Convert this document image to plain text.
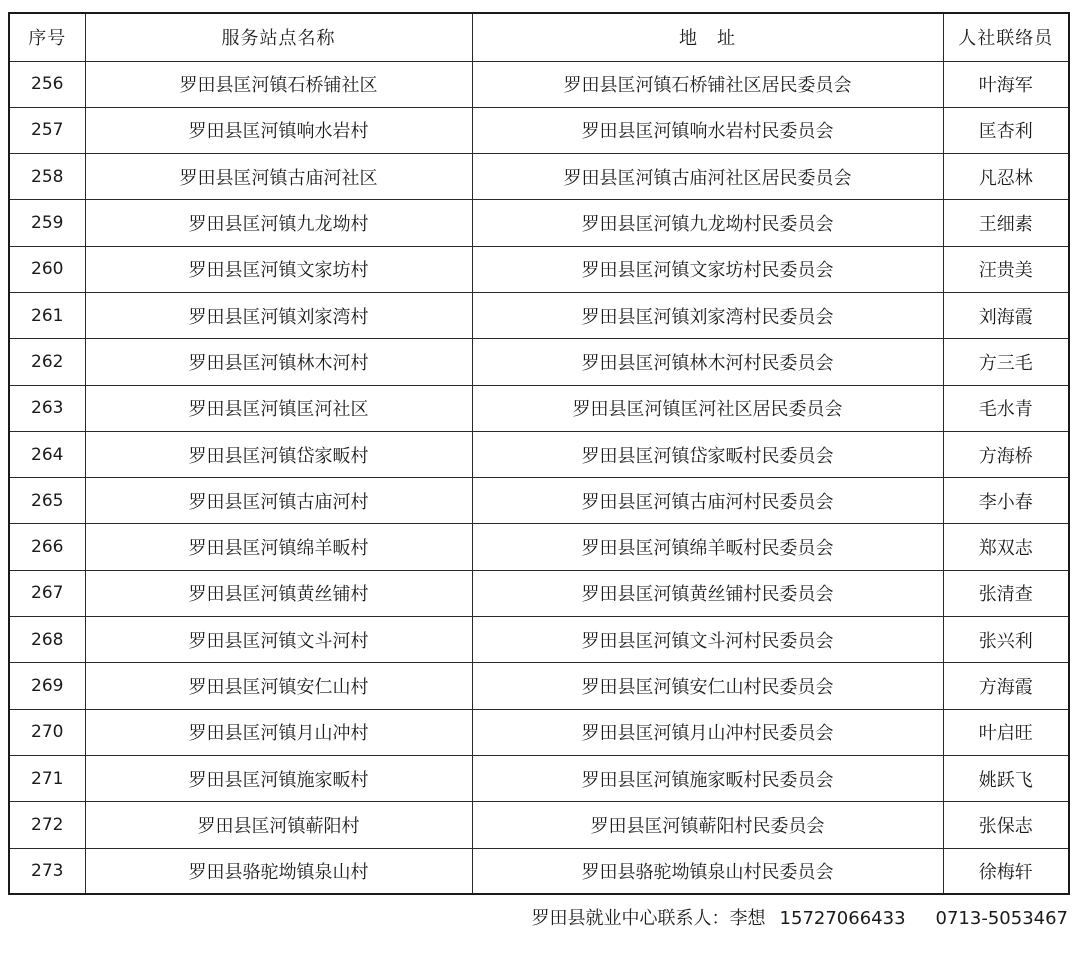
序号	服务站点名称	地　址	人社联络员
256	罗田县匡河镇石桥铺社区	罗田县匡河镇石桥铺社区居民委员会	叶海军
257	罗田县匡河镇响水岩村	罗田县匡河镇响水岩村民委员会	匡杏利
258	罗田县匡河镇古庙河社区	罗田县匡河镇古庙河社区居民委员会	凡忍林
259	罗田县匡河镇九龙坳村	罗田县匡河镇九龙坳村民委员会	王细素
260	罗田县匡河镇文家坊村	罗田县匡河镇文家坊村民委员会	汪贵美
261	罗田县匡河镇刘家湾村	罗田县匡河镇刘家湾村民委员会	刘海霞
262	罗田县匡河镇林木河村	罗田县匡河镇林木河村民委员会	方三毛
263	罗田县匡河镇匡河社区	罗田县匡河镇匡河社区居民委员会	毛水青
264	罗田县匡河镇岱家畈村	罗田县匡河镇岱家畈村民委员会	方海桥
265	罗田县匡河镇古庙河村	罗田县匡河镇古庙河村民委员会	李小春
266	罗田县匡河镇绵羊畈村	罗田县匡河镇绵羊畈村民委员会	郑双志
267	罗田县匡河镇黄丝铺村	罗田县匡河镇黄丝铺村民委员会	张清查
268	罗田县匡河镇文斗河村	罗田县匡河镇文斗河村民委员会	张兴利
269	罗田县匡河镇安仁山村	罗田县匡河镇安仁山村民委员会	方海霞
270	罗田县匡河镇月山冲村	罗田县匡河镇月山冲村民委员会	叶启旺
271	罗田县匡河镇施家畈村	罗田县匡河镇施家畈村民委员会	姚跃飞
272	罗田县匡河镇蕲阳村	罗田县匡河镇蕲阳村民委员会	张保志
273	罗田县骆驼坳镇泉山村	罗田县骆驼坳镇泉山村民委员会	徐梅轩
罗田县就业中心联系人：李想 15727066433 0713-5053467
